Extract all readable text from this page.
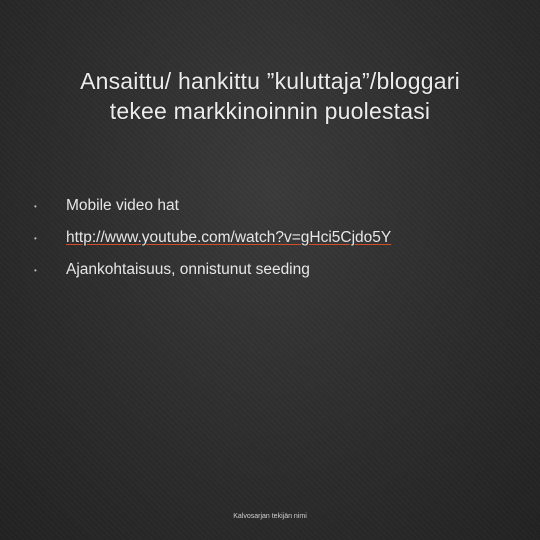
Ansaittu/ hankittu ”kuluttaja”/bloggari
tekee markkinoinnin puolestasi
•	Mobile video hat
•	http://www.youtube.com/watch?v=gHci5Cjdo5Y
•	Ajankohtaisuus, onnistunut seeding
Kalvosarjan tekijän nimi
